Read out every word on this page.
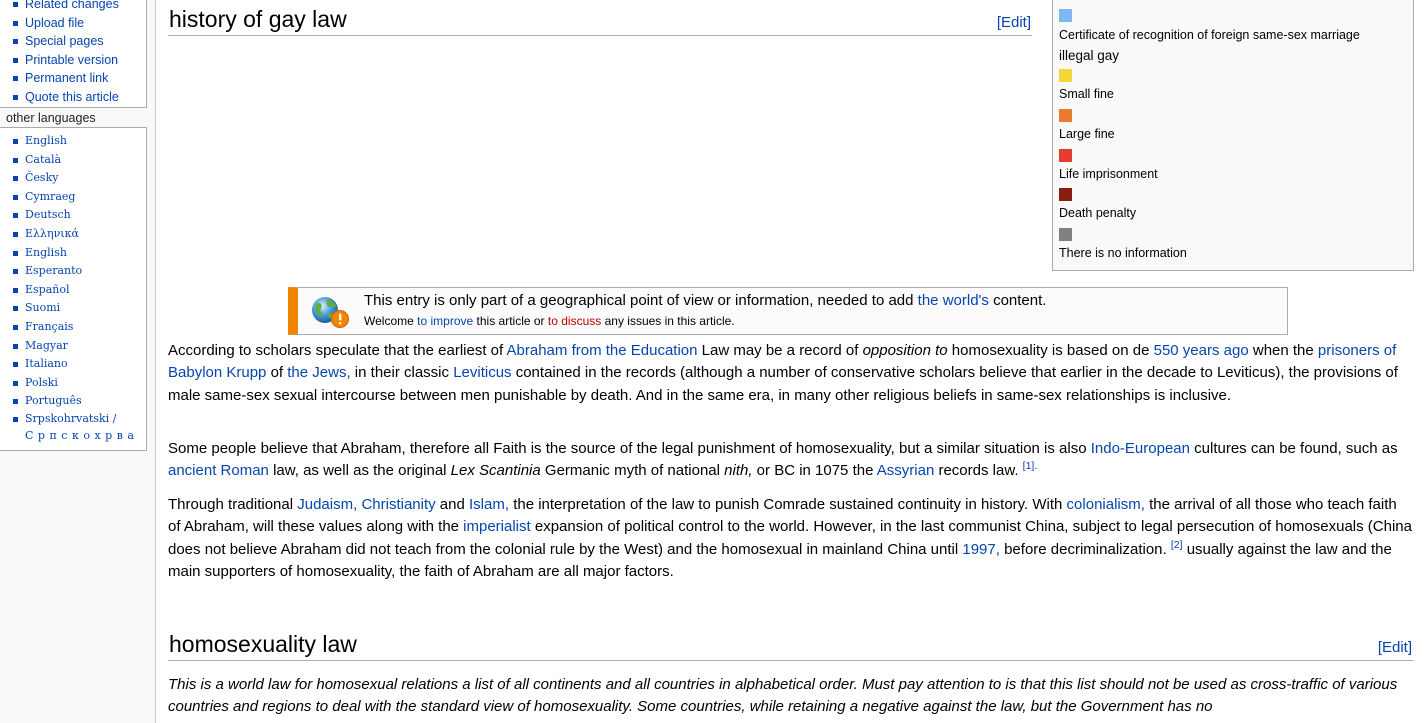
Related changes
Upload file
Special pages
Printable version
Permanent link
Quote this article
other languages
English
Català
Česky
Cymraeg
Deutsch
Ελληνικά
English
Esperanto
Español
Suomi
Français
Magyar
Italiano
Polski
Português
Srpskohrvatski /
Српскохрва
history of gay law	[Edit]
Certificate of recognition of foreign same-sex marriage
illegal gay
Small fine
Large fine
Life imprisonment
Death penalty
There is no information
This entry is only part of a geographical point of view or information, needed to add the world's content.
Welcome to improve this article or to discuss any issues in this article.

According to scholars speculate that the earliest of Abraham from the Education Law may be a record of opposition to homosexuality is based on de 550 years ago when the prisoners of Babylon Krupp of the Jews, in their classic Leviticus contained in the records (although a number of conservative scholars believe that earlier in the decade to Leviticus), the provisions of male same-sex sexual intercourse between men punishable by death. And in the same era, in many other religious beliefs in same-sex relationships is inclusive.

Some people believe that Abraham, therefore all Faith is the source of the legal punishment of homosexuality, but a similar situation is also Indo-European cultures can be found, such as ancient Roman law, as well as the original Lex Scantinia Germanic myth of national nith, or BC in 1075 the Assyrian records law. $^{[1].}$

Through traditional Judaism, Christianity and Islam, the interpretation of the law to punish Comrade sustained continuity in history. With colonialism, the arrival of all those who teach faith of Abraham, will these values along with the imperialist expansion of political control to the world. However, in the last communist China, subject to legal persecution of homosexuals (China does not believe Abraham did not teach from the colonial rule by the West) and the homosexual in mainland China until 1997, before decriminalization. [2] usually against the law and the main supporters of homosexuality, the faith of Abraham are all major factors.

homosexuality law	[Edit]

This is a world law for homosexual relations a list of all continents and all countries in alphabetical order. Must pay attention to is that this list should not be used as cross-traffic of various countries and regions to deal with the standard view of homosexuality. Some countries, while retaining a negative against the law, but the Government has no
